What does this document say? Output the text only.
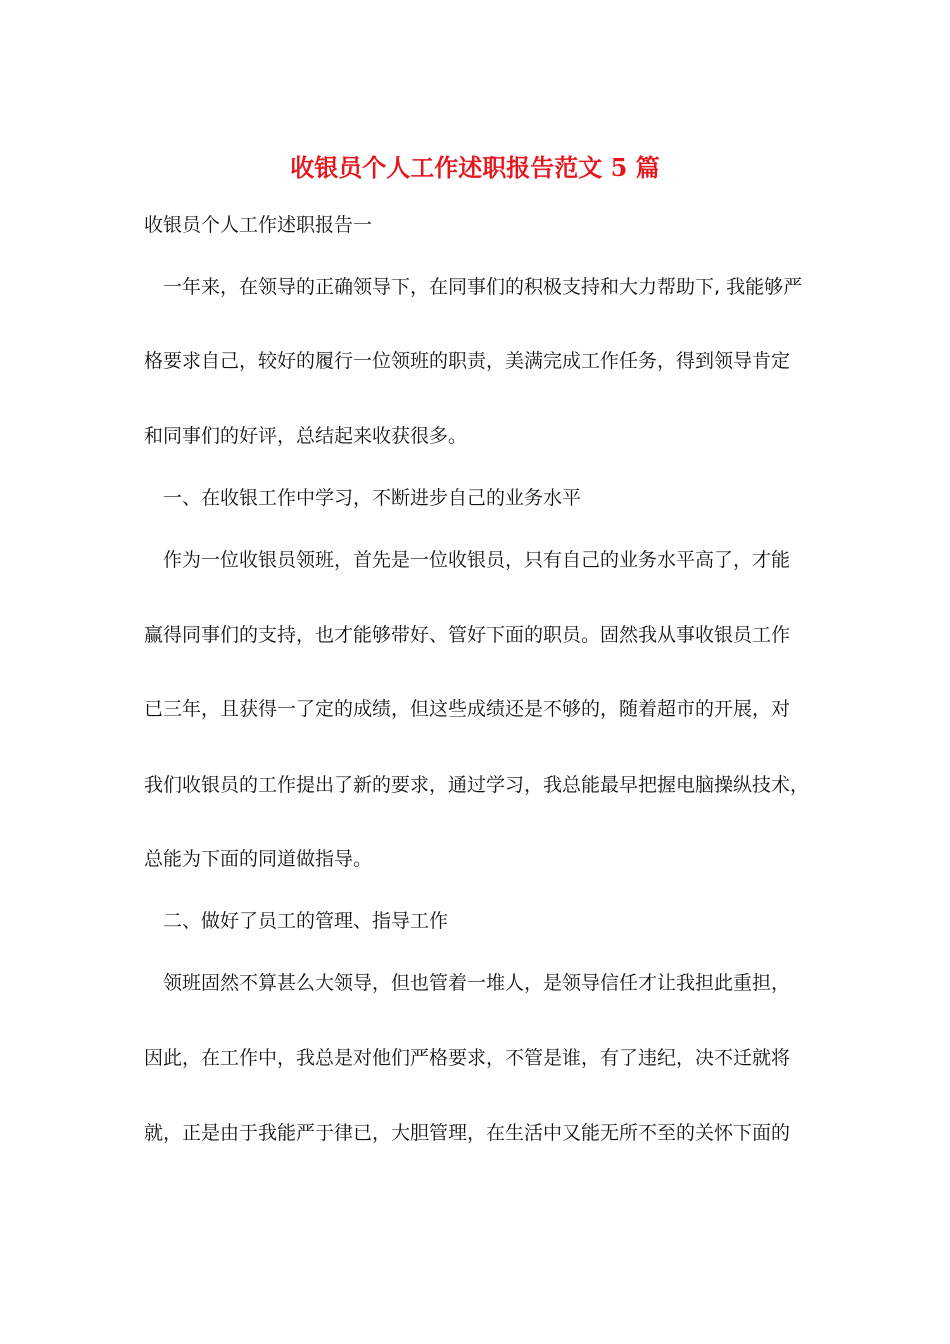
收银员个人工作述职报告范文 5 篇
收银员个人工作述职报告一
一年来，在领导的正确领导下，在同事们的积极支持和大力帮助下, 我能够严
格要求自己，较好的履行一位领班的职责，美满完成工作任务，得到领导肯定
和同事们的好评，总结起来收获很多。
一、在收银工作中学习，不断进步自己的业务水平
作为一位收银员领班，首先是一位收银员，只有自己的业务水平高了，才能
赢得同事们的支持，也才能够带好、管好下面的职员。固然我从事收银员工作
已三年，且获得一了定的成绩，但这些成绩还是不够的，随着超市的开展，对
我们收银员的工作提出了新的要求，通过学习，我总能最早把握电脑操纵技术，
总能为下面的同道做指导。
二、做好了员工的管理、指导工作
领班固然不算甚么大领导，但也管着一堆人，是领导信任才让我担此重担，
因此，在工作中，我总是对他们严格要求，不管是谁，有了违纪，决不迁就将
就，正是由于我能严于律已，大胆管理，在生活中又能无所不至的关怀下面的
